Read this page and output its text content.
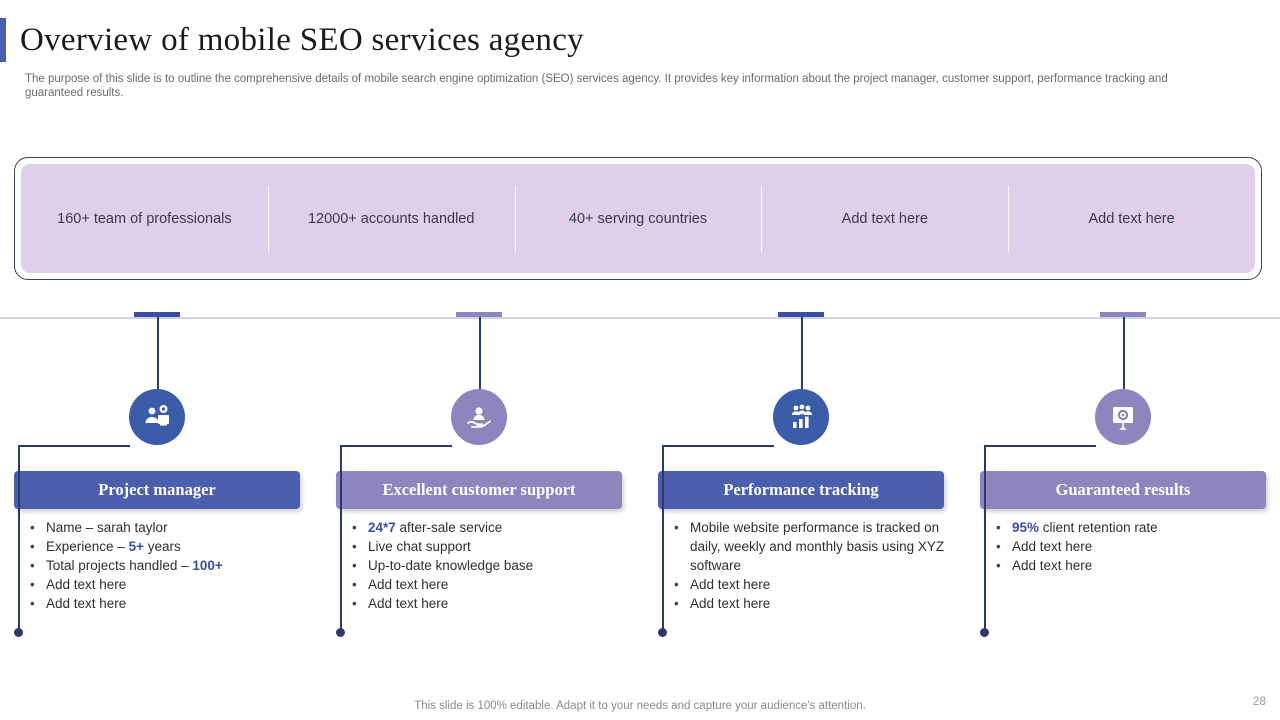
Overview of mobile SEO services agency
The purpose of this slide is to outline the comprehensive details of mobile search engine optimization (SEO) services agency. It provides key information about the project manager, customer support, performance tracking and guaranteed results.
160+ team of professionals	12000+ accounts handled	40+ serving countries	Add text here	Add text here
Project manager
• Name – sarah taylor
• Experience – 5+ years
• Total projects handled – 100+
• Add text here
• Add text here
Excellent customer support
• 24*7 after-sale service
• Live chat support
• Up-to-date knowledge base
• Add text here
• Add text here
Performance tracking
• Mobile website performance is tracked on daily, weekly and monthly basis using XYZ software
• Add text here
• Add text here
Guaranteed results
• 95% client retention rate
• Add text here
• Add text here
This slide is 100% editable. Adapt it to your needs and capture your audience's attention.	28
